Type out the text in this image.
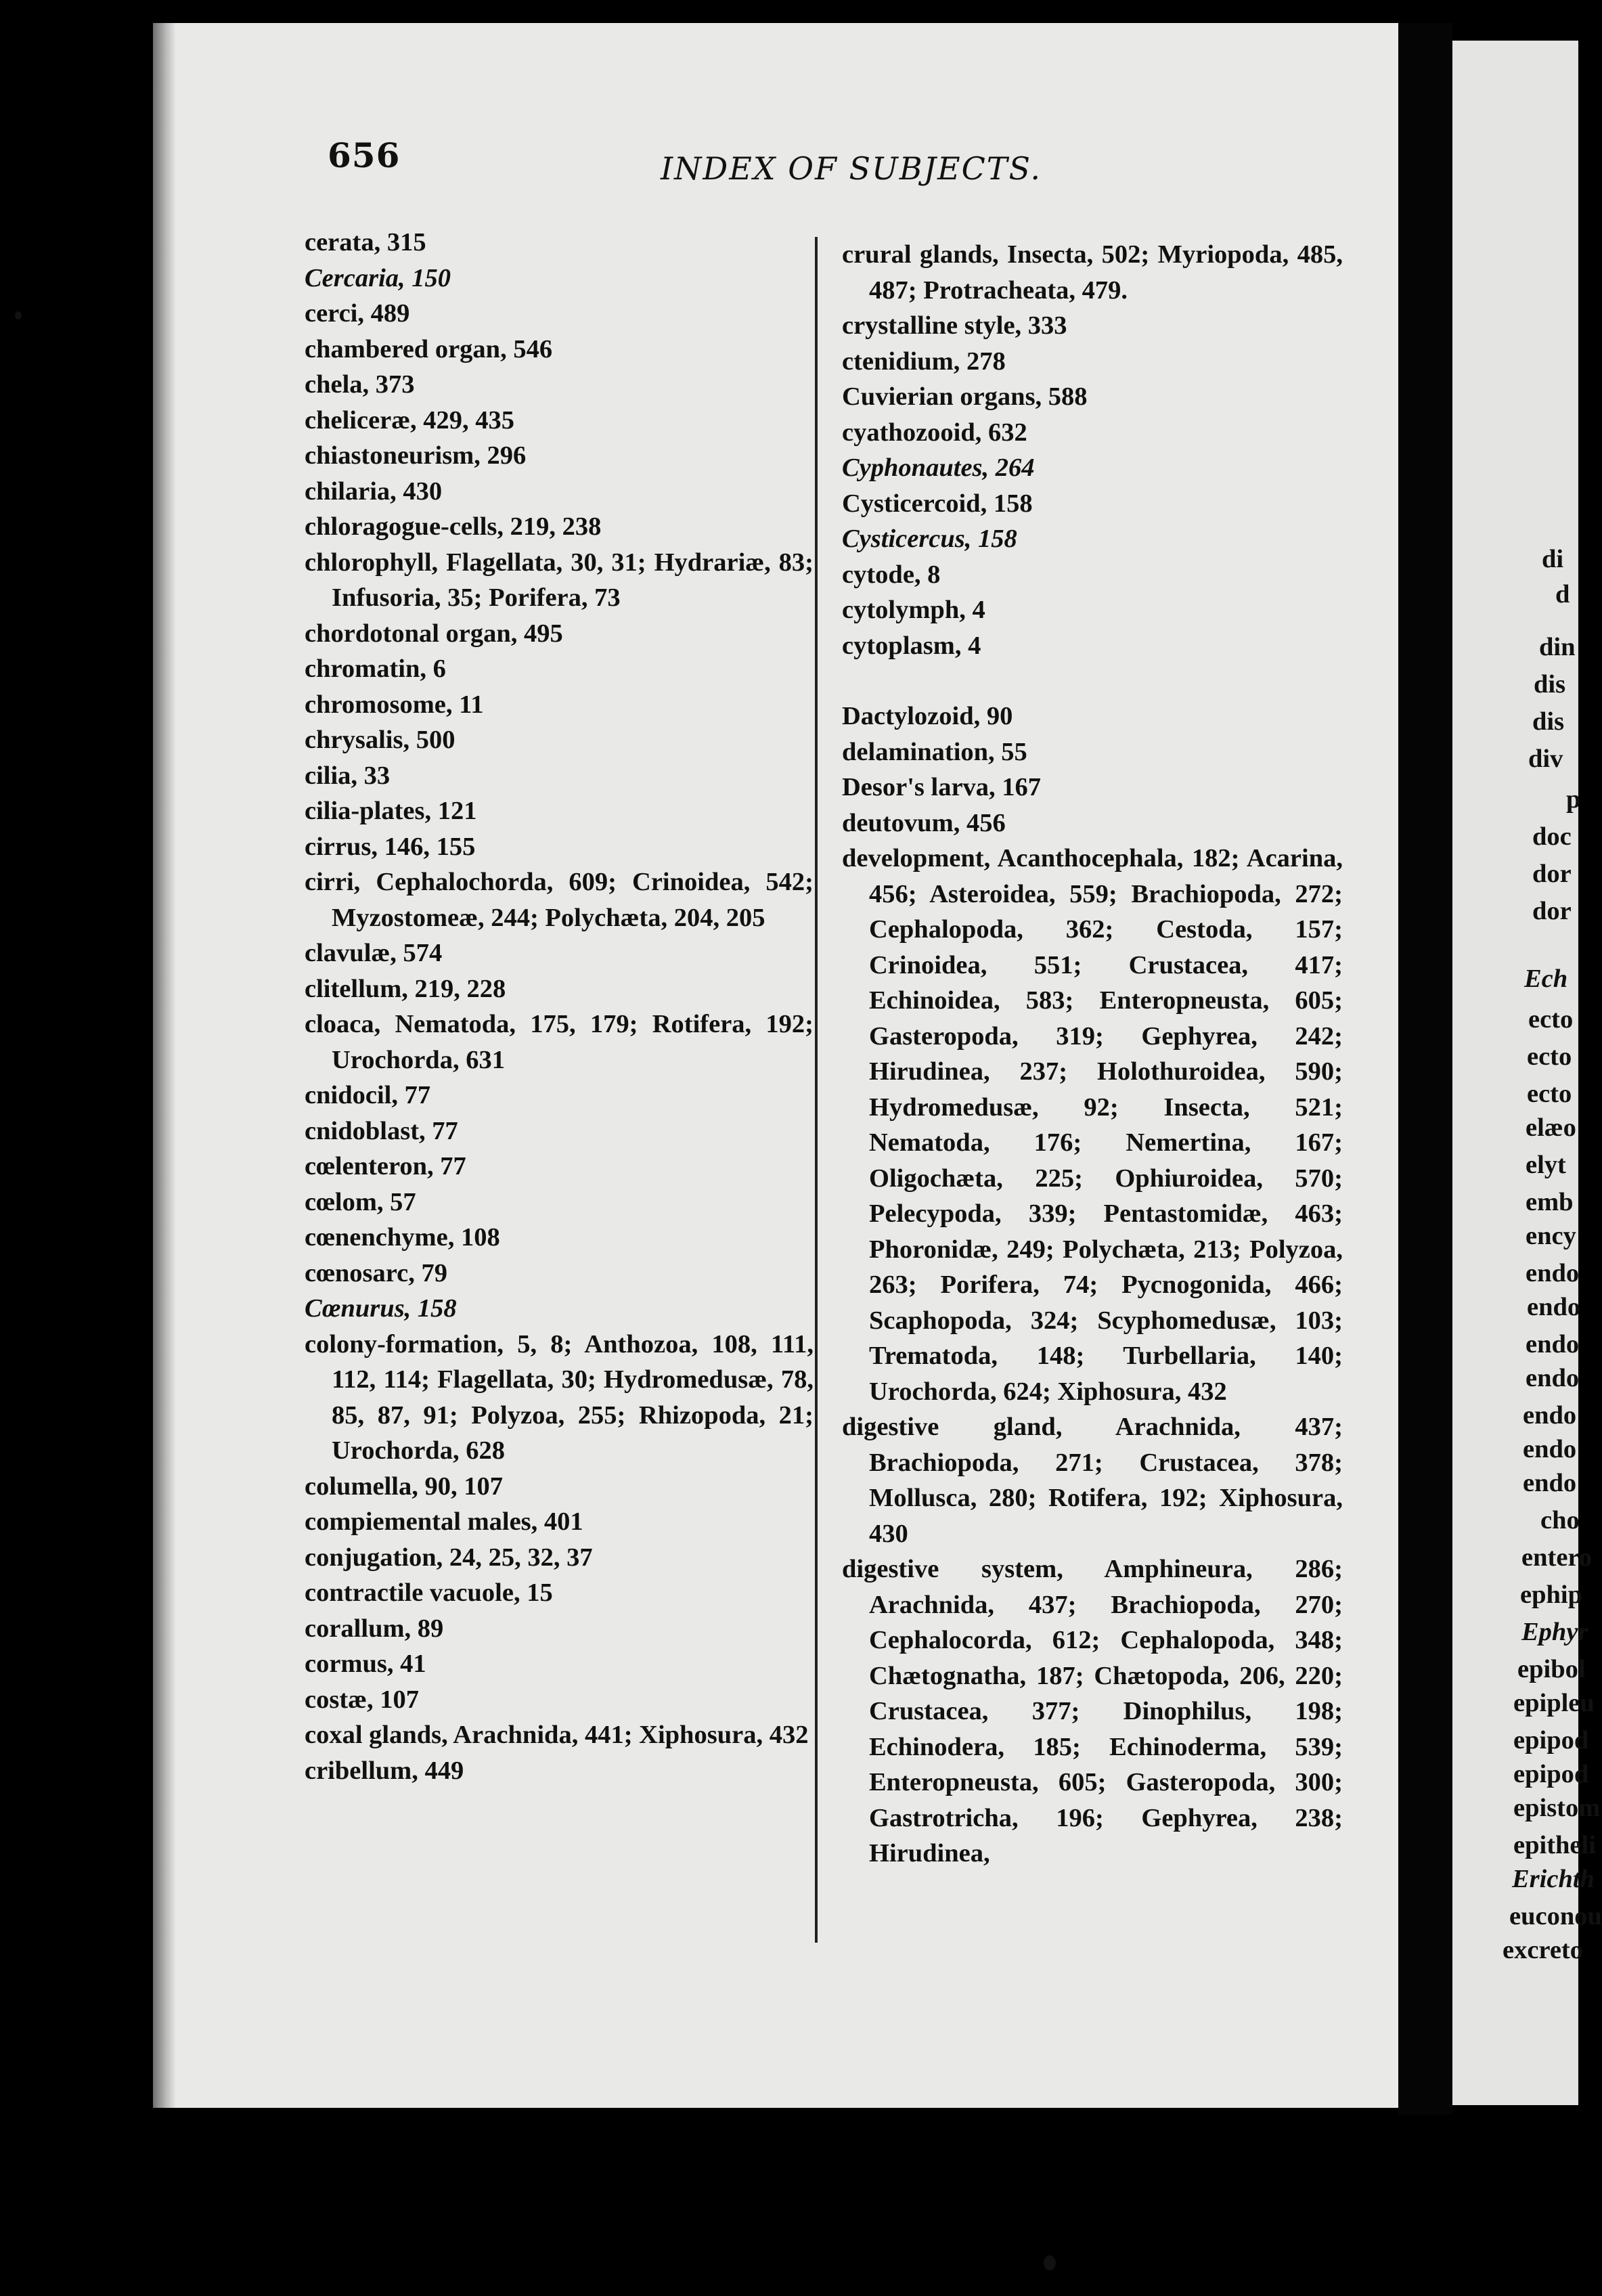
656	INDEX OF SUBJECTS.
cerata, 315
Cercaria, 150
cerci, 489
chambered organ, 546
chela, 373
cheliceræ, 429, 435
chiastoneurism, 296
chilaria, 430
chloragogue-cells, 219, 238
chlorophyll, Flagellata, 30, 31; Hydrariæ, 83; Infusoria, 35; Porifera, 73
chordotonal organ, 495
chromatin, 6
chromosome, 11
chrysalis, 500
cilia, 33
cilia-plates, 121
cirrus, 146, 155
cirri, Cephalochorda, 609; Crinoidea, 542; Myzostomeæ, 244; Polychæta, 204, 205
clavulæ, 574
clitellum, 219, 228
cloaca, Nematoda, 175, 179; Rotifera, 192; Urochorda, 631
cnidocil, 77
cnidoblast, 77
cœlenteron, 77
cœlom, 57
cœnenchyme, 108
cœnosarc, 79
Cœnurus, 158
colony-formation, 5, 8; Anthozoa, 108, 111, 112, 114; Flagellata, 30; Hydromedusæ, 78, 85, 87, 91; Polyzoa, 255; Rhizopoda, 21; Urochorda, 628
columella, 90, 107
compiemental males, 401
conjugation, 24, 25, 32, 37
contractile vacuole, 15
corallum, 89
cormus, 41
costæ, 107
coxal glands, Arachnida, 441; Xiphosura, 432
cribellum, 449
crural glands, Insecta, 502; Myriopoda, 485, 487; Protracheata, 479.
crystalline style, 333
ctenidium, 278
Cuvierian organs, 588
cyathozooid, 632
Cyphonautes, 264
Cysticercoid, 158
Cysticercus, 158
cytode, 8
cytolymph, 4
cytoplasm, 4
Dactylozoid, 90
delamination, 55
Desor's larva, 167
deutovum, 456
development, Acanthocephala, 182; Acarina, 456; Asteroidea, 559; Brachiopoda, 272; Cephalopoda, 362; Cestoda, 157; Crinoidea, 551; Crustacea, 417; Echinoidea, 583; Enteropneusta, 605; Gasteropoda, 319; Gephyrea, 242; Hirudinea, 237; Holothuroidea, 590; Hydromedusæ, 92; Insecta, 521; Nematoda, 176; Nemertina, 167; Oligochæta, 225; Ophiuroidea, 570; Pelecypoda, 339; Pentastomidæ, 463; Phoronidæ, 249; Polychæta, 213; Polyzoa, 263; Porifera, 74; Pycnogonida, 466; Scaphopoda, 324; Scyphomedusæ, 103; Trematoda, 148; Turbellaria, 140; Urochorda, 624; Xiphosura, 432
digestive gland, Arachnida, 437; Brachiopoda, 271; Crustacea, 378; Mollusca, 280; Rotifera, 192; Xiphosura, 430
digestive system, Amphineura, 286; Arachnida, 437; Brachiopoda, 270; Cephalocorda, 612; Cephalopoda, 348; Chætognatha, 187; Chætopoda, 206, 220; Crustacea, 377; Dinophilus, 198; Echinodera, 185; Echinoderma, 539; Enteropneusta, 605; Gasteropoda, 300; Gastrotricha, 196; Gephyrea, 238; Hirudinea,
di
d
din
dis
dis
div
p
doc
dor
dor
Ech
ecto
ecto
ecto
elæo
elyt
emb
ency
endo
endo
endo
endo
endo
endo
endo
cho
entero
ephip
Ephyr
epibol
epipleu
epipod
epipod
epistom
epitheli
Erichth
euconou
excreto
